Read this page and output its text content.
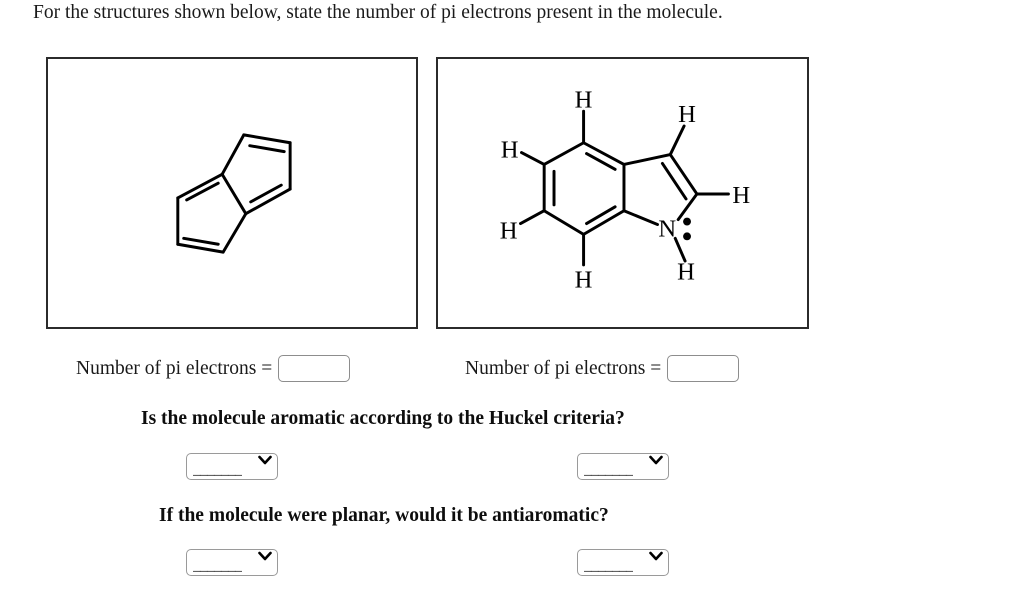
For the structures shown below, state the number of pi electrons present in the molecule.
H
H
H
H
H
H
N
H
Number of pi electrons =	Number of pi electrons =
Is the molecule aromatic according to the Huckel criteria?
If the molecule were planar, would it be antiaromatic?
_______	_______
_______	_______
